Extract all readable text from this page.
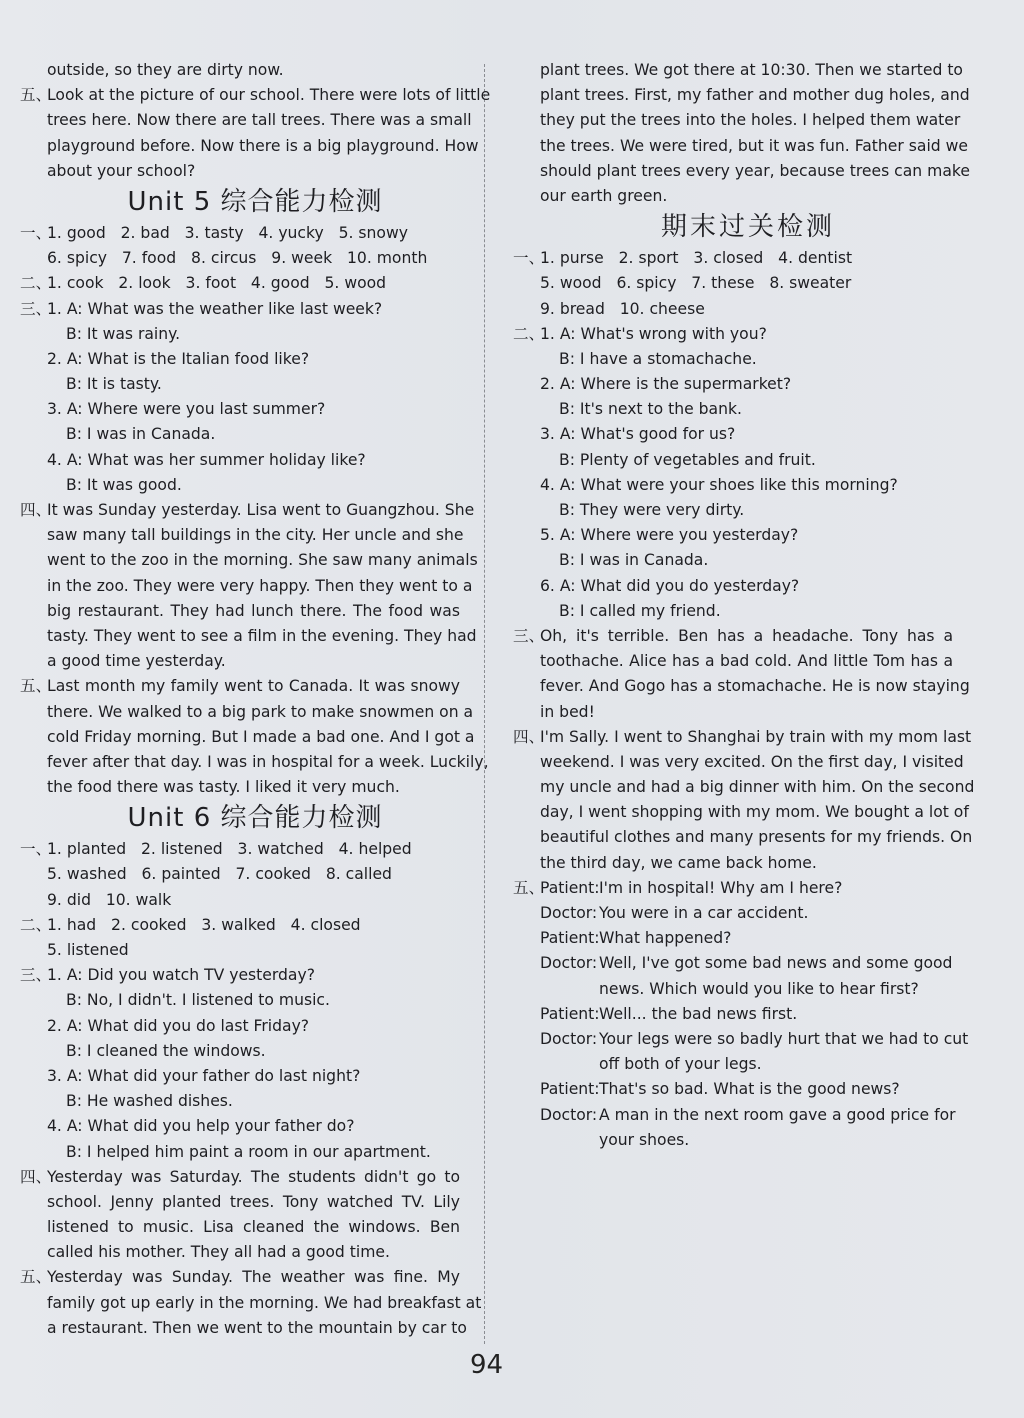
outside, so they are dirty now.
五、Look at the picture of our school. There were lots of little
trees here. Now there are tall trees. There was a small
playground before. Now there is a big playground. How
about your school?
Unit 5 综合能力检测
一、1. good   2. bad   3. tasty   4. yucky   5. snowy
6. spicy   7. food   8. circus   9. week   10. month
二、1. cook   2. look   3. foot   4. good   5. wood
三、1. A: What was the weather like last week?
B: It was rainy.
2. A: What is the Italian food like?
B: It is tasty.
3. A: Where were you last summer?
B: I was in Canada.
4. A: What was her summer holiday like?
B: It was good.
四、It was Sunday yesterday. Lisa went to Guangzhou. She
saw many tall buildings in the city. Her uncle and she
went to the zoo in the morning. She saw many animals
in the zoo. They were very happy. Then they went to a
big restaurant. They had lunch there. The food was
tasty. They went to see a film in the evening. They had
a good time yesterday.
五、Last month my family went to Canada. It was snowy
there. We walked to a big park to make snowmen on a
cold Friday morning. But I made a bad one. And I got a
fever after that day. I was in hospital for a week. Luckily,
the food there was tasty. I liked it very much.
Unit 6 综合能力检测
一、1. planted   2. listened   3. watched   4. helped
5. washed   6. painted   7. cooked   8. called
9. did   10. walk
二、1. had   2. cooked   3. walked   4. closed
5. listened
三、1. A: Did you watch TV yesterday?
B: No, I didn't. I listened to music.
2. A: What did you do last Friday?
B: I cleaned the windows.
3. A: What did your father do last night?
B: He washed dishes.
4. A: What did you help your father do?
B: I helped him paint a room in our apartment.
四、Yesterday was Saturday. The students didn't go to
school. Jenny planted trees. Tony watched TV. Lily
listened to music. Lisa cleaned the windows. Ben
called his mother. They all had a good time.
五、Yesterday was Sunday. The weather was fine. My
family got up early in the morning. We had breakfast at
a restaurant. Then we went to the mountain by car to
plant trees. We got there at 10:30. Then we started to
plant trees. First, my father and mother dug holes, and
they put the trees into the holes. I helped them water
the trees. We were tired, but it was fun. Father said we
should plant trees every year, because trees can make
our earth green.
期末过关检测
一、1. purse   2. sport   3. closed   4. dentist
5. wood   6. spicy   7. these   8. sweater
9. bread   10. cheese
二、1. A: What's wrong with you?
B: I have a stomachache.
2. A: Where is the supermarket?
B: It's next to the bank.
3. A: What's good for us?
B: Plenty of vegetables and fruit.
4. A: What were your shoes like this morning?
B: They were very dirty.
5. A: Where were you yesterday?
B: I was in Canada.
6. A: What did you do yesterday?
B: I called my friend.
三、Oh, it's terrible. Ben has a headache. Tony has a
toothache. Alice has a bad cold. And little Tom has a
fever. And Gogo has a stomachache. He is now staying
in bed!
四、I'm Sally. I went to Shanghai by train with my mom last
weekend. I was very excited. On the first day, I visited
my uncle and had a big dinner with him. On the second
day, I went shopping with my mom. We bought a lot of
beautiful clothes and many presents for my friends. On
the third day, we came back home.
五、Patient:I'm in hospital! Why am I here?
Doctor: You were in a car accident.
Patient:What happened?
Doctor: Well, I've got some bad news and some good
news. Which would you like to hear first?
Patient:Well... the bad news first.
Doctor: Your legs were so badly hurt that we had to cut
off both of your legs.
Patient:That's so bad. What is the good news?
Doctor: A man in the next room gave a good price for
your shoes.
94
